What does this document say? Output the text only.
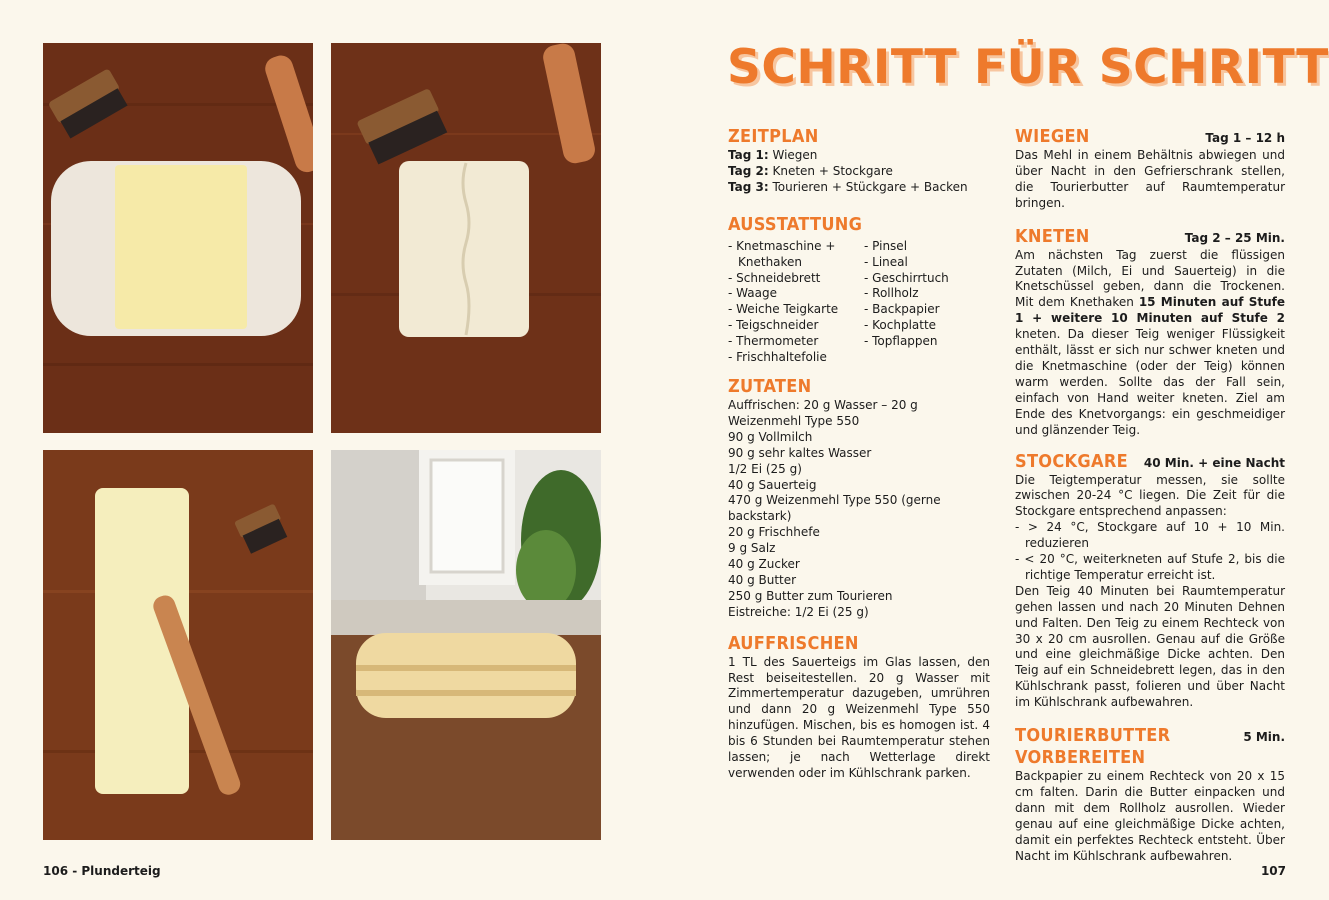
106 - Plunderteig	107
SCHRITT FÜR SCHRITT
ZEITPLAN
Tag 1: Wiegen
Tag 2: Kneten + Stockgare
Tag 3: Tourieren + Stückgare + Backen
AUSSTATTUNG
- Knetmaschine + Knethaken
- Schneidebrett
- Waage
- Weiche Teigkarte
- Teigschneider
- Thermometer
- Frischhaltefolie
- Pinsel
- Lineal
- Geschirrtuch
- Rollholz
- Backpapier
- Kochplatte
- Topflappen
ZUTATEN
Auffrischen: 20 g Wasser – 20 g Weizenmehl Type 550
90 g Vollmilch
90 g sehr kaltes Wasser
1/2 Ei (25 g)
40 g Sauerteig
470 g Weizenmehl Type 550 (gerne backstark)
20 g Frischhefe
9 g Salz
40 g Zucker
40 g Butter
250 g Butter zum Tourieren
Eistreiche: 1/2 Ei (25 g)
AUFFRISCHEN
1 TL des Sauerteigs im Glas lassen, den Rest beiseitestellen. 20 g Wasser mit Zimmertemperatur dazugeben, umrühren und dann 20 g Weizenmehl Type 550 hinzufügen. Mischen, bis es homogen ist. 4 bis 6 Stunden bei Raumtemperatur stehen lassen; je nach Wetterlage direkt verwenden oder im Kühlschrank parken.
WIEGEN	Tag 1 – 12 h
Das Mehl in einem Behältnis abwiegen und über Nacht in den Gefrierschrank stellen, die Tourierbutter auf Raumtemperatur bringen.
KNETEN	Tag 2 – 25 Min.
Am nächsten Tag zuerst die flüssigen Zutaten (Milch, Ei und Sauerteig) in die Knetschüssel geben, dann die Trockenen. Mit dem Knethaken 15 Minuten auf Stufe 1 + weitere 10 Minuten auf Stufe 2 kneten. Da dieser Teig weniger Flüssigkeit enthält, lässt er sich nur schwer kneten und die Knetmaschine (oder der Teig) können warm werden. Sollte das der Fall sein, einfach von Hand weiter kneten. Ziel am Ende des Knetvorgangs: ein geschmeidiger und glänzender Teig.
STOCKGARE 40 Min. + eine Nacht
Die Teigtemperatur messen, sie sollte zwischen 20-24 °C liegen. Die Zeit für die Stockgare entsprechend anpassen:
- > 24 °C, Stockgare auf 10 + 10 Min. reduzieren
- < 20 °C, weiterkneten auf Stufe 2, bis die richtige Temperatur erreicht ist.
Den Teig 40 Minuten bei Raumtemperatur gehen lassen und nach 20 Minuten Dehnen und Falten. Den Teig zu einem Rechteck von 30 x 20 cm ausrollen. Genau auf die Größe und eine gleichmäßige Dicke achten. Den Teig auf ein Schneidebrett legen, das in den Kühlschrank passt, folieren und über Nacht im Kühlschrank aufbewahren.
TOURIERBUTTER VORBEREITEN
5 Min.
Backpapier zu einem Rechteck von 20 x 15 cm falten. Darin die Butter einpacken und dann mit dem Rollholz ausrollen. Wieder genau auf eine gleichmäßige Dicke achten, damit ein perfektes Rechteck entsteht. Über Nacht im Kühlschrank aufbewahren.
